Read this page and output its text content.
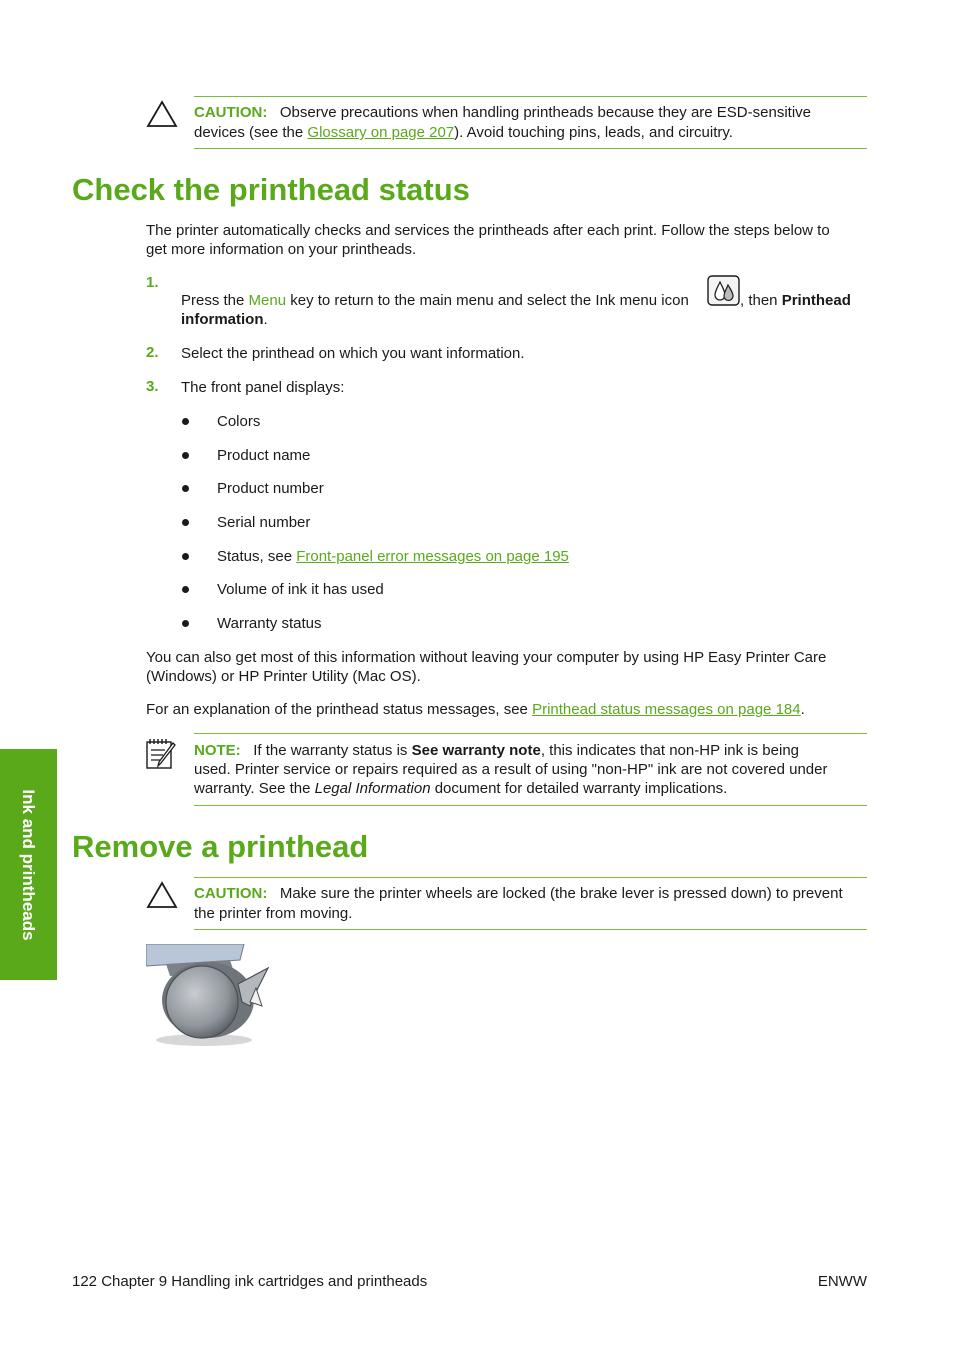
CAUTION: Observe precautions when handling printheads because they are ESD-sensitive
devices (see the Glossary on page 207). Avoid touching pins, leads, and circuitry.
Check the printhead status
The printer automatically checks and services the printheads after each print. Follow the steps below to
get more information on your printheads.
1.
Press the Menu key to return to the main menu and select the Ink menu icon	, then Printhead
information.
2. Select the printhead on which you want information.
3. The front panel displays:
Colors
Product name
Product number
Serial number
Status, see Front-panel error messages on page 195
Volume of ink it has used
Warranty status
You can also get most of this information without leaving your computer by using HP Easy Printer Care
(Windows) or HP Printer Utility (Mac OS).
For an explanation of the printhead status messages, see Printhead status messages on page 184.
NOTE: If the warranty status is See warranty note, this indicates that non-HP ink is being
used. Printer service or repairs required as a result of using "non-HP" ink are not covered under
warranty. See the Legal Information document for detailed warranty implications.
Remove a printhead
CAUTION: Make sure the printer wheels are locked (the brake lever is pressed down) to prevent
the printer from moving.
Ink and printheads
122 Chapter 9 Handling ink cartridges and printheads	ENWW
